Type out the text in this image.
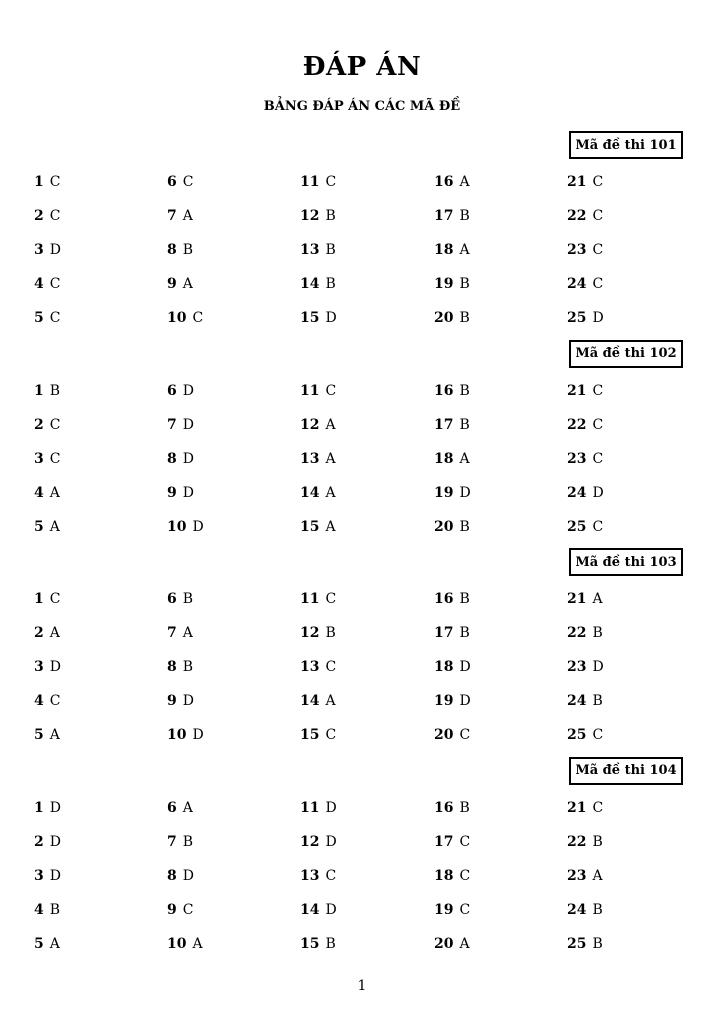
ĐÁP ÁN
BẢNG ĐÁP ÁN CÁC MÃ ĐỀ
Mã đề thi 101
1 C	6 C	11 C	16 A	21 C
2 C	7 A	12 B	17 B	22 C
3 D	8 B	13 B	18 A	23 C
4 C	9 A	14 B	19 B	24 C
5 C	10 C	15 D	20 B	25 D
Mã đề thi 102
1 B	6 D	11 C	16 B	21 C
2 C	7 D	12 A	17 B	22 C
3 C	8 D	13 A	18 A	23 C
4 A	9 D	14 A	19 D	24 D
5 A	10 D	15 A	20 B	25 C
Mã đề thi 103
1 C	6 B	11 C	16 B	21 A
2 A	7 A	12 B	17 B	22 B
3 D	8 B	13 C	18 D	23 D
4 C	9 D	14 A	19 D	24 B
5 A	10 D	15 C	20 C	25 C
Mã đề thi 104
1 D	6 A	11 D	16 B	21 C
2 D	7 B	12 D	17 C	22 B
3 D	8 D	13 C	18 C	23 A
4 B	9 C	14 D	19 C	24 B
5 A	10 A	15 B	20 A	25 B
1
